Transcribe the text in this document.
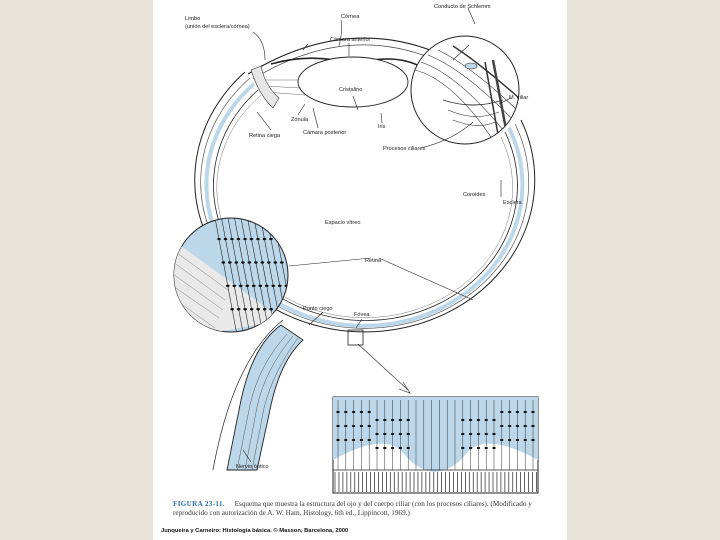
Limbo
(unión del esclera/córnea)
Córnea
Cámara anterior
Conducto de Schlemm
Cristalino
M. ciliar
Zónula
Iris
Retina ciega	Cámara posterior
Procesos ciliares
Coroides
Esclera
Espacio vítreo
Retina
Punto ciego
Fóvea
Nervio óptico
FIGURA 23-11. Esquema que muestra la estructura del ojo y del cuerpo ciliar (con los procesos ciliares). (Modificado y reproducido con autorización de A. W. Ham, Histology, 6th ed., Lippincott, 1969.)
Junqueira y Carneiro: Histología básica. © Masson, Barcelona, 2000
